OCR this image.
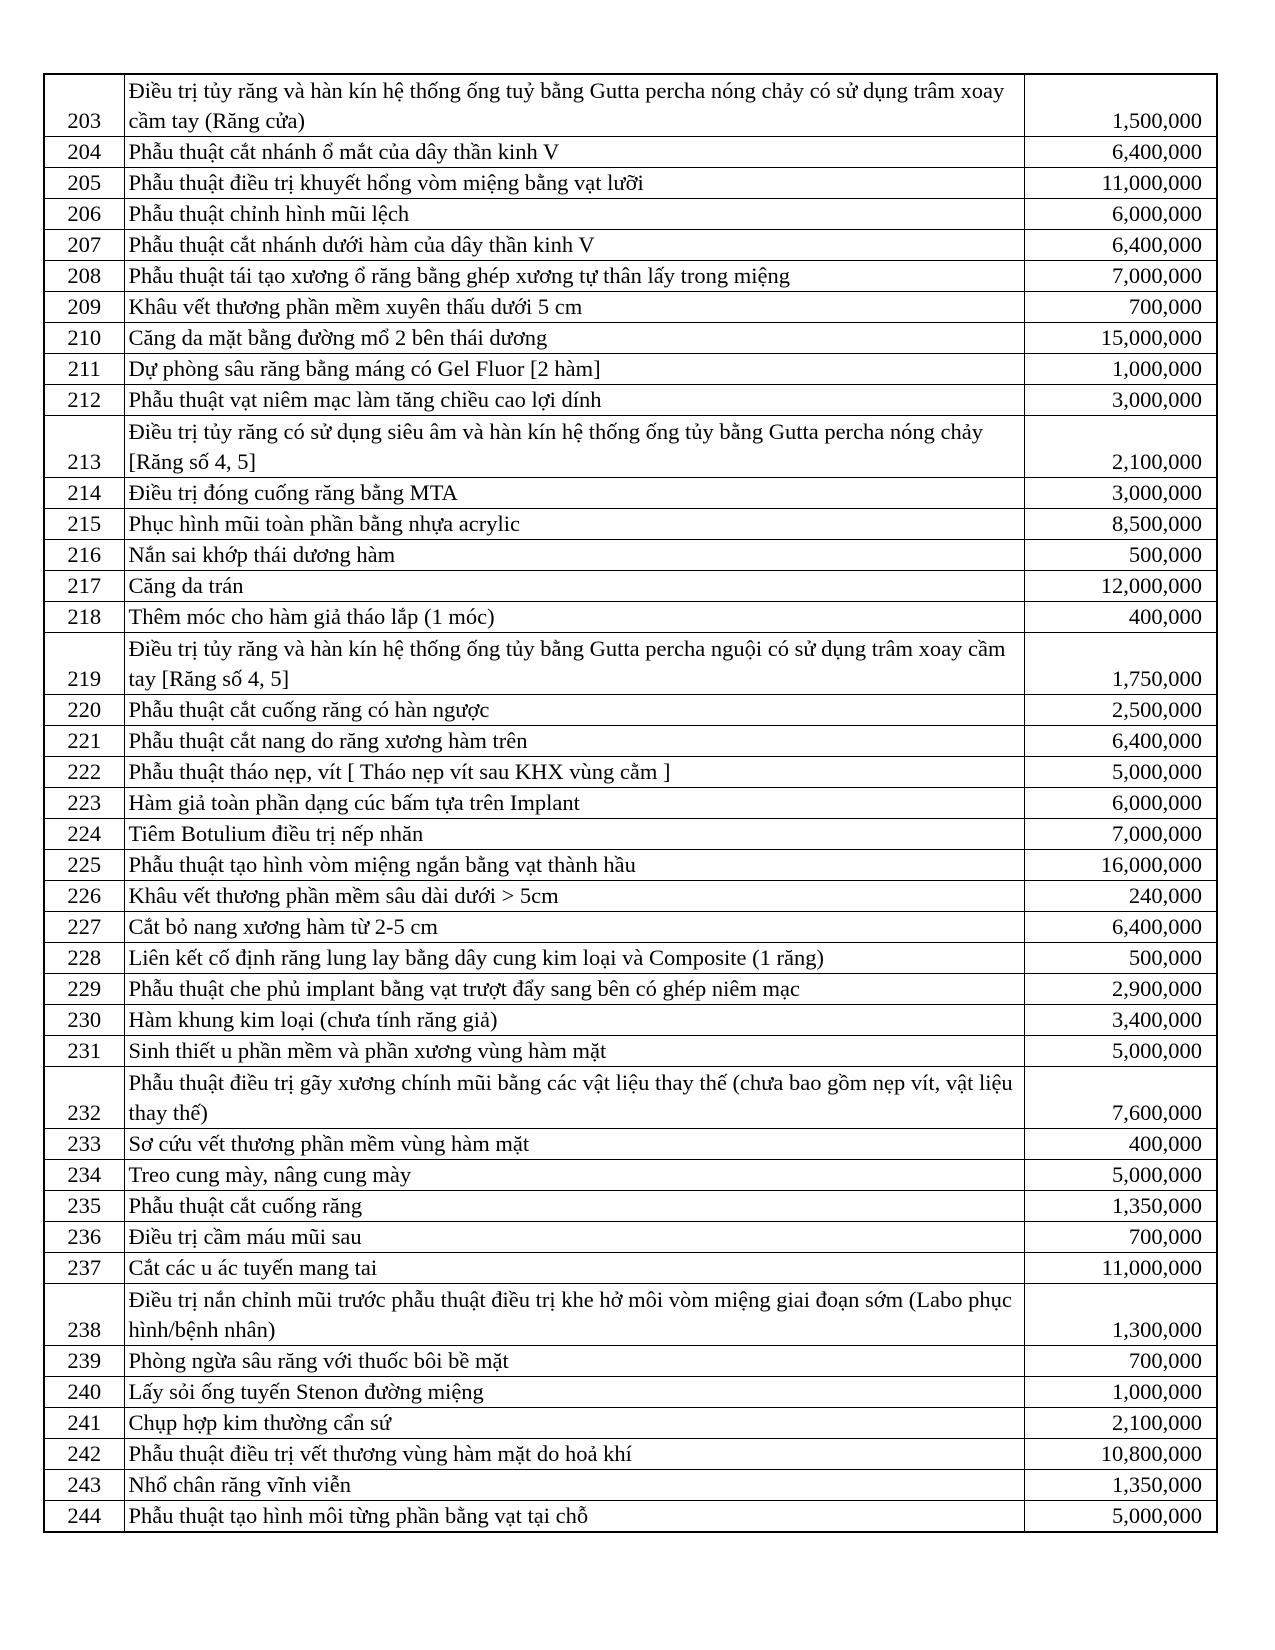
203	Điều trị tủy răng và hàn kín hệ thống ống tuỷ bằng Gutta percha nóng chảy có sử dụng trâm xoay cầm tay (Răng cửa)	1,500,000
204	Phẫu thuật cắt nhánh ổ mắt của dây thần kinh V	6,400,000
205	Phẫu thuật điều trị khuyết hổng vòm miệng bằng vạt lưỡi	11,000,000
206	Phẫu thuật chỉnh hình mũi lệch	6,000,000
207	Phẫu thuật cắt nhánh dưới hàm của dây thần kinh V	6,400,000
208	Phẫu thuật tái tạo xương ổ răng bằng ghép xương tự thân lấy trong miệng	7,000,000
209	Khâu vết thương phần mềm xuyên thấu dưới 5 cm	700,000
210	Căng da mặt bằng đường mổ 2 bên thái dương	15,000,000
211	Dự phòng sâu răng bằng máng có Gel Fluor [2 hàm]	1,000,000
212	Phẫu thuật vạt niêm mạc làm tăng chiều cao lợi dính	3,000,000
213	Điều trị tủy răng có sử dụng siêu âm và hàn kín hệ thống ống tủy bằng Gutta percha nóng chảy [Răng số 4, 5]	2,100,000
214	Điều trị đóng cuống răng bằng MTA	3,000,000
215	Phục hình mũi toàn phần bằng nhựa acrylic	8,500,000
216	Nắn sai khớp thái dương hàm	500,000
217	Căng da trán	12,000,000
218	Thêm móc cho hàm giả tháo lắp (1 móc)	400,000
219	Điều trị tủy răng và hàn kín hệ thống ống tủy bằng Gutta percha nguội có sử dụng trâm xoay cầm tay [Răng số 4, 5]	1,750,000
220	Phẫu thuật cắt cuống răng có hàn ngược	2,500,000
221	Phẫu thuật cắt nang do răng xương hàm trên	6,400,000
222	Phẫu thuật tháo nẹp, vít [ Tháo nẹp vít sau KHX vùng cằm ]	5,000,000
223	Hàm giả toàn phần dạng cúc bấm tựa trên Implant	6,000,000
224	Tiêm Botulium điều trị nếp nhăn	7,000,000
225	Phẫu thuật tạo hình vòm miệng ngắn bằng vạt thành hầu	16,000,000
226	Khâu vết thương phần mềm sâu dài dưới > 5cm	240,000
227	Cắt bỏ nang xương hàm từ 2-5 cm	6,400,000
228	Liên kết cố định răng lung lay bằng dây cung kim loại và Composite (1 răng)	500,000
229	Phẫu thuật che phủ implant bằng vạt trượt đẩy sang bên có ghép niêm mạc	2,900,000
230	Hàm khung kim loại (chưa tính răng giả)	3,400,000
231	Sinh thiết u phần mềm và phần xương vùng hàm mặt	5,000,000
232	Phẫu thuật điều trị gãy xương chính mũi bằng các vật liệu thay thế (chưa bao gồm nẹp vít, vật liệu thay thế)	7,600,000
233	Sơ cứu vết thương phần mềm vùng hàm mặt	400,000
234	Treo cung mày, nâng cung mày	5,000,000
235	Phẫu thuật cắt cuống răng	1,350,000
236	Điều trị cầm máu mũi sau	700,000
237	Cắt các u ác tuyến mang tai	11,000,000
238	Điều trị nắn chỉnh mũi trước phẫu thuật điều trị khe hở môi vòm miệng giai đoạn sớm (Labo phục hình/bệnh nhân)	1,300,000
239	Phòng ngừa sâu răng với thuốc bôi bề mặt	700,000
240	Lấy sỏi ống tuyến Stenon đường miệng	1,000,000
241	Chụp hợp kim thường cẩn sứ	2,100,000
242	Phẫu thuật điều trị vết thương vùng hàm mặt do hoả khí	10,800,000
243	Nhổ chân răng vĩnh viễn	1,350,000
244	Phẫu thuật tạo hình môi từng phần bằng vạt tại chỗ	5,000,000
